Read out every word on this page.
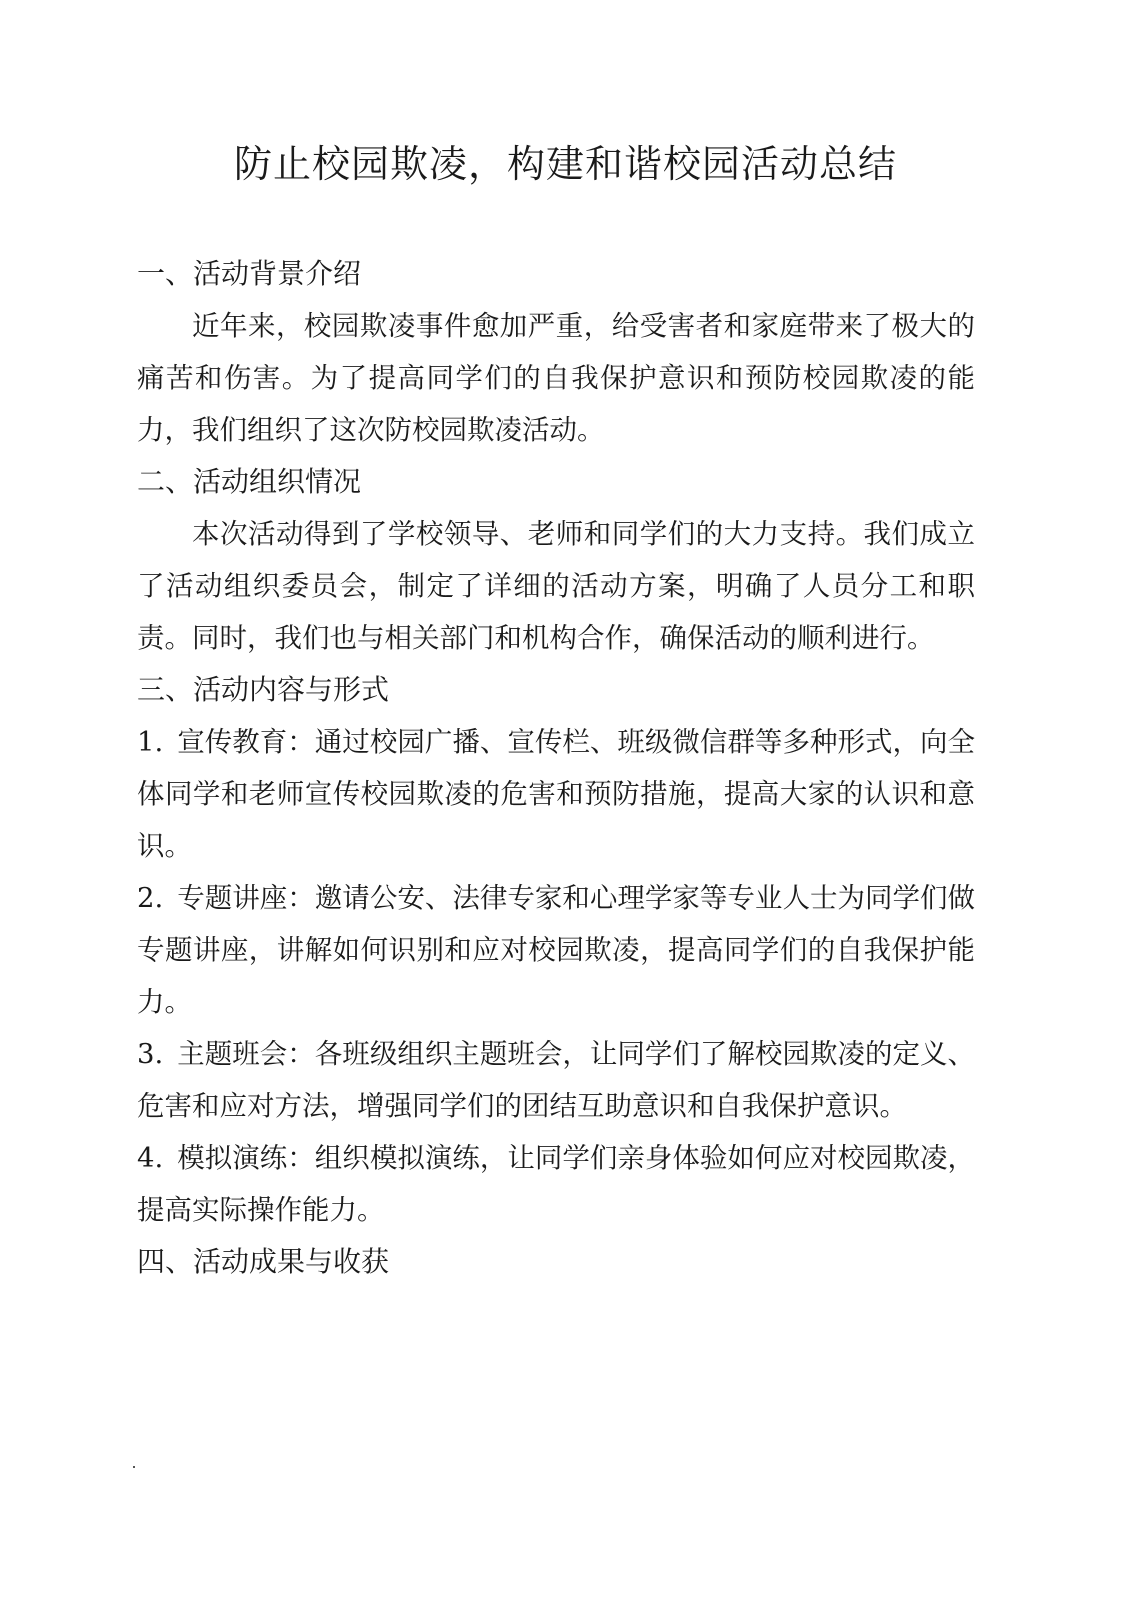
防止校园欺凌，构建和谐校园活动总结
一、活动背景介绍

近年来，校园欺凌事件愈加严重，给受害者和家庭带来了极大的痛苦和伤害。为了提高同学们的自我保护意识和预防校园欺凌的能力，我们组织了这次防校园欺凌活动。

二、活动组织情况

本次活动得到了学校领导、老师和同学们的大力支持。我们成立了活动组织委员会，制定了详细的活动方案，明确了人员分工和职责。同时，我们也与相关部门和机构合作，确保活动的顺利进行。

三、活动内容与形式

1. 宣传教育：通过校园广播、宣传栏、班级微信群等多种形式，向全体同学和老师宣传校园欺凌的危害和预防措施，提高大家的认识和意识。

2. 专题讲座：邀请公安、法律专家和心理学家等专业人士为同学们做专题讲座，讲解如何识别和应对校园欺凌，提高同学们的自我保护能力。

3. 主题班会：各班级组织主题班会，让同学们了解校园欺凌的定义、危害和应对方法，增强同学们的团结互助意识和自我保护意识。

4. 模拟演练：组织模拟演练，让同学们亲身体验如何应对校园欺凌，提高实际操作能力。

四、活动成果与收获
